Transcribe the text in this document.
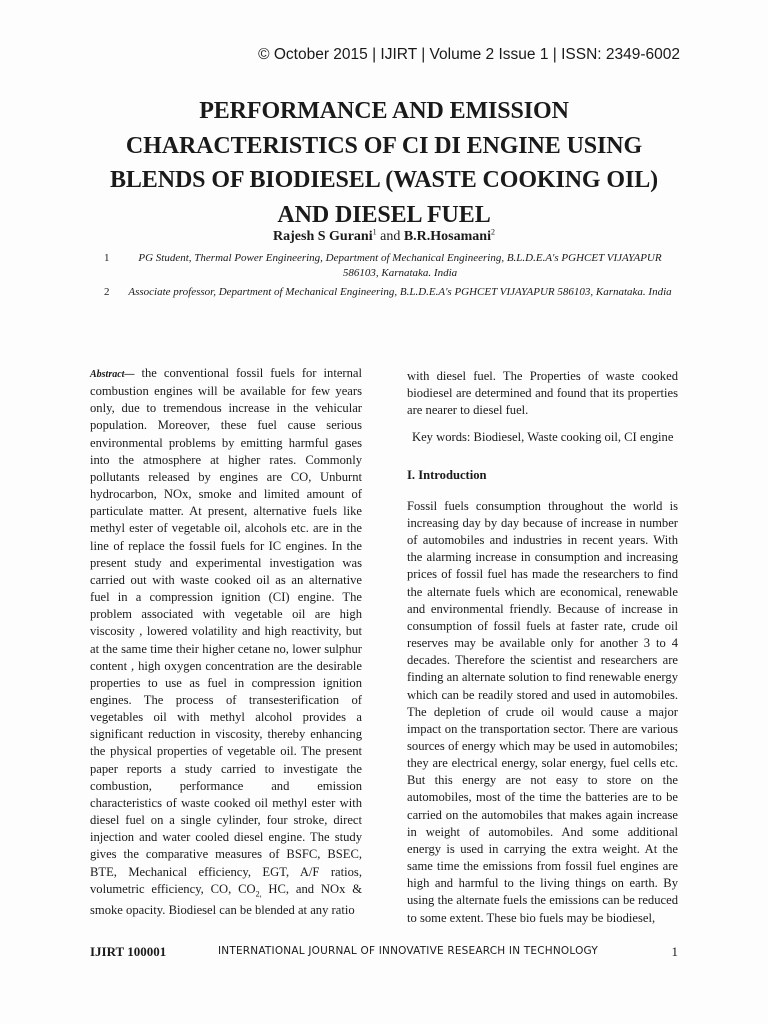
© October 2015 | IJIRT | Volume 2 Issue 1 | ISSN: 2349-6002
PERFORMANCE AND EMISSION CHARACTERISTICS OF CI DI ENGINE USING BLENDS OF BIODIESEL (WASTE COOKING OIL) AND DIESEL FUEL
Rajesh S Gurani$^1$ and B.R.Hosamani$^2$
1	PG Student, Thermal Power Engineering, Department of Mechanical Engineering, B.L.D.E.A's PGHCET VIJAYAPUR 586103, Karnataka. India
2 Associate professor, Department of Mechanical Engineering, B.L.D.E.A's PGHCET VIJAYAPUR 586103, Karnataka. India

Abstract— the conventional fossil fuels for internal combustion engines will be available for few years only, due to tremendous increase in the vehicular population. Moreover, these fuel cause serious environmental problems by emitting harmful gases into the atmosphere at higher rates. Commonly pollutants released by engines are CO, Unburnt hydrocarbon, NOx, smoke and limited amount of particulate matter. At present, alternative fuels like methyl ester of vegetable oil, alcohols etc. are in the line of replace the fossil fuels for IC engines. In the present study and experimental investigation was carried out with waste cooked oil as an alternative fuel in a compression ignition (CI) engine. The problem associated with vegetable oil are high viscosity , lowered volatility and high reactivity, but at the same time their higher cetane no, lower sulphur content , high oxygen concentration are the desirable properties to use as fuel in compression ignition engines. The process of transesterification of vegetables oil with methyl alcohol provides a significant reduction in viscosity, thereby enhancing the physical properties of vegetable oil. The present paper reports a study carried to investigate the combustion, performance and emission characteristics of waste cooked oil methyl ester with diesel fuel on a single cylinder, four stroke, direct injection and water cooled diesel engine. The study gives the comparative measures of BSFC, BSEC, BTE, Mechanical efficiency, EGT, A/F ratios, volumetric efficiency, CO, $CO_{2,}$ HC, and NOx & smoke opacity. Biodiesel can be blended at any ratio

with diesel fuel. The Properties of waste cooked biodiesel are determined and found that its properties are nearer to diesel fuel.

Key words: Biodiesel, Waste cooking oil, CI engine

I. Introduction

Fossil fuels consumption throughout the world is increasing day by day because of increase in number of automobiles and industries in recent years. With the alarming increase in consumption and increasing prices of fossil fuel has made the researchers to find the alternate fuels which are economical, renewable and environmental friendly. Because of increase in consumption of fossil fuels at faster rate, crude oil reserves may be available only for another 3 to 4 decades. Therefore the scientist and researchers are finding an alternate solution to find renewable energy which can be readily stored and used in automobiles. The depletion of crude oil would cause a major impact on the transportation sector. There are various sources of energy which may be used in automobiles; they are electrical energy, solar energy, fuel cells etc. But this energy are not easy to store on the automobiles, most of the time the batteries are to be carried on the automobiles that makes again increase in weight of automobiles. And some additional energy is used in carrying the extra weight. At the same time the emissions from fossil fuel engines are high and harmful to the living things on earth. By using the alternate fuels the emissions can be reduced to some extent. These bio fuels may be biodiesel,

IJIRT 100001	INTERNATIONAL JOURNAL OF INNOVATIVE RESEARCH IN TECHNOLOGY	1
